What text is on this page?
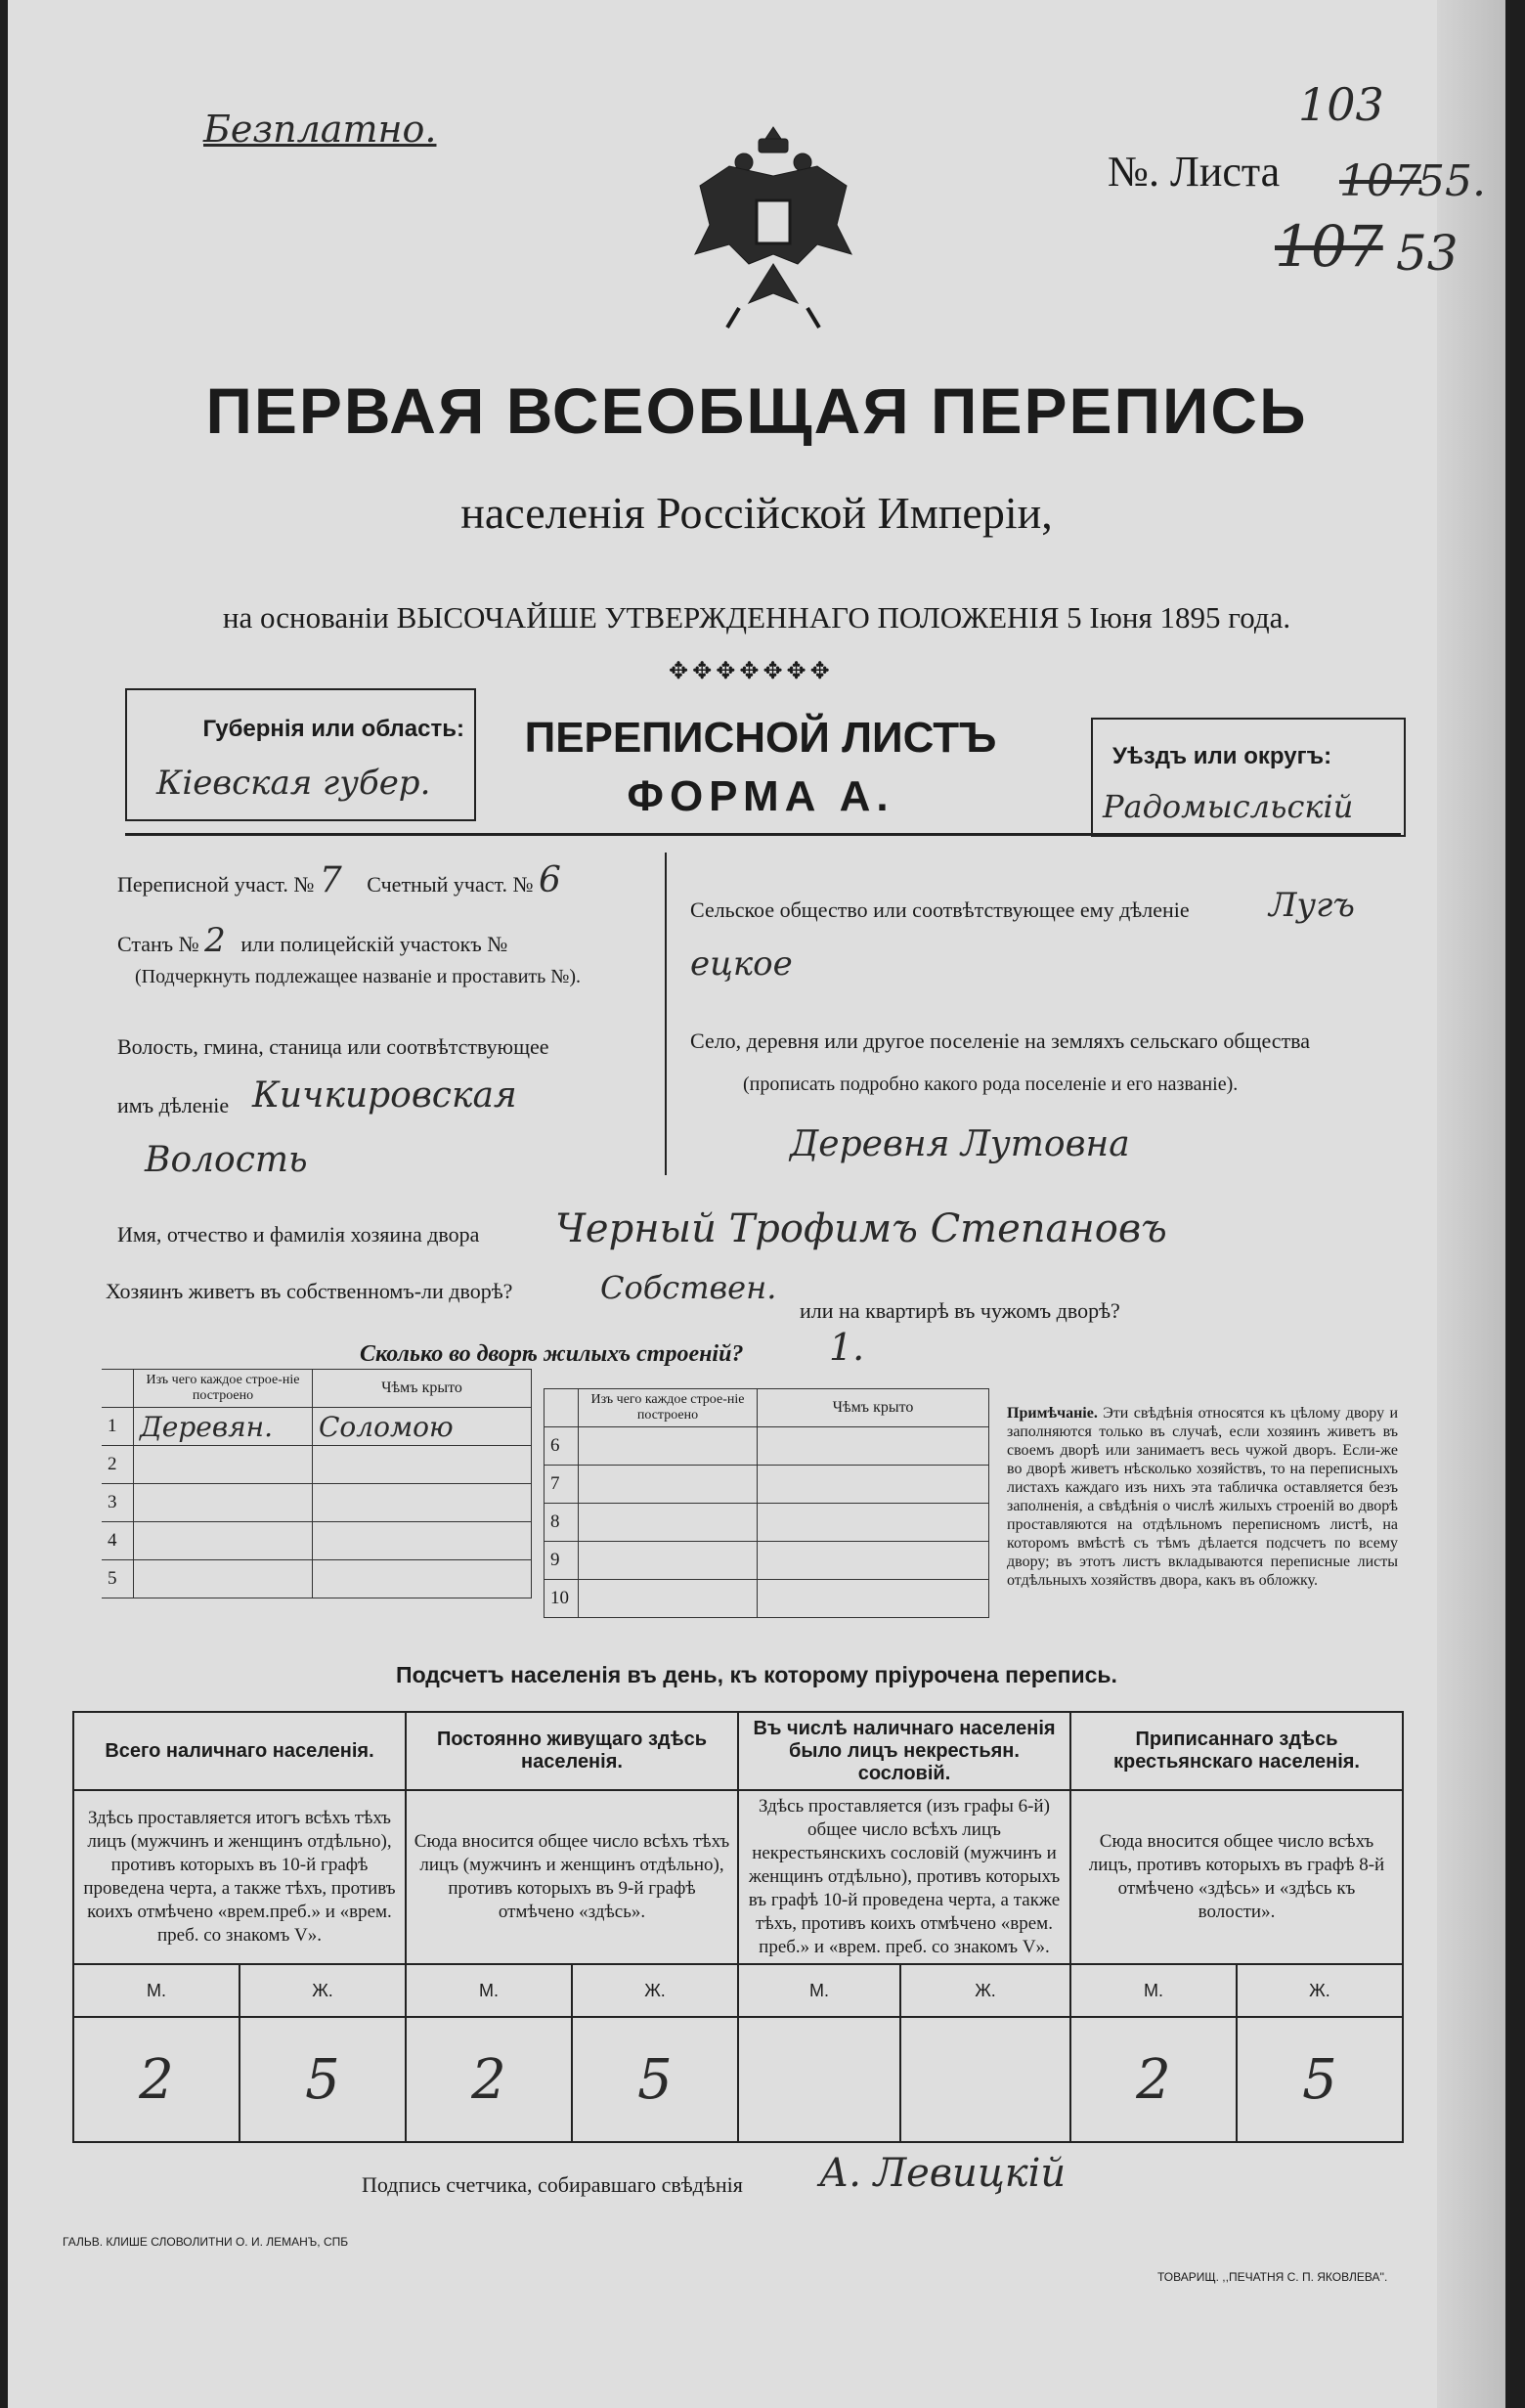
Безплатно.	103
№. Листа 107
55.
107 53
ПЕРВАЯ ВСЕОБЩАЯ ПЕРЕПИСЬ
населенія Россійской Имперіи,
на основаніи ВЫСОЧАЙШЕ УТВЕРЖДЕННАГО ПОЛОЖЕНІЯ 5 Іюня 1895 года.
✥✥✥✥✥✥✥
Губернія или область:
Кіевская губер.
ПЕРЕПИСНОЙ ЛИСТЪ
ФОРМА А.
Уѣздъ или округъ:
Радомысльскій
Переписной участ. № 7 Счетный участ. № 6
Станъ № 2 или полицейскій участокъ №
(Подчеркнуть подлежащее названіе и проставить №).
Волость, гмина, станица или соотвѣтствующее
имъ дѣленіе Кичкировская
Волость
Сельское общество или соотвѣтствующее ему дѣленіе Лугъ
ецкое
Село, деревня или другое поселеніе на земляхъ сельскаго общества
(прописать подробно какого рода поселеніе и его названіе).
Деревня Лутовна
Имя, отчество и фамилія хозяина двора Черный Трофимъ Степановъ
Хозяинъ живетъ въ собственномъ-ли дворѣ?	Собствен.
или на квартирѣ въ чужомъ дворѣ?
Сколько во дворѣ жилыхъ строеній? 1.
	Изъ чего каждое строе-ніе построено	Чѣмъ крыто
1	Деревян.	Соломою
2		
3		
4		
5		
	Изъ чего каждое строе-ніе построено	Чѣмъ крыто
6		
7		
8		
9		
10		
Примѣчаніе. Эти свѣдѣнія относятся къ цѣлому двору и заполняются только въ случаѣ, если хозяинъ живетъ въ своемъ дворѣ или занимаетъ весь чужой дворъ. Если-же во дворѣ живетъ нѣсколько хозяйствъ, то на переписныхъ листахъ каждаго изъ нихъ эта табличка оставляется безъ заполненія, а свѣдѣнія о числѣ жилыхъ строеній во дворѣ проставляются на отдѣльномъ переписномъ листѣ, на которомъ вмѣстѣ съ тѣмъ дѣлается подсчетъ по всему двору; въ этотъ листъ вкладываются переписные листы отдѣльныхъ хозяйствъ двора, какъ въ обложку.
Подсчетъ населенія въ день, къ которому пріурочена перепись.
Всего наличнаго населенія.		Постоянно живущаго здѣсь населенія.		Въ числѣ наличнаго населенія было лицъ некрестьян. сословій.		Приписаннаго здѣсь крестьянскаго населенія.	
Здѣсь проставляется итогъ всѣхъ тѣхъ лицъ (мужчинъ и женщинъ отдѣльно), противъ которыхъ въ 10-й графѣ проведена черта, а также тѣхъ, противъ коихъ отмѣчено «врем.преб.» и «врем. преб. со знакомъ V».		Сюда вносится общее число всѣхъ тѣхъ лицъ (мужчинъ и женщинъ отдѣльно), противъ которыхъ въ 9-й графѣ отмѣчено «здѣсь».		Здѣсь проставляется (изъ графы 6-й) общее число всѣхъ лицъ некрестьянскихъ сословій (мужчинъ и женщинъ отдѣльно), противъ которыхъ въ графѣ 10-й проведена черта, а также тѣхъ, противъ коихъ отмѣчено «врем. преб.» и «врем. преб. со знакомъ V».		Сюда вносится общее число всѣхъ лицъ, противъ которыхъ въ графѣ 8-й отмѣчено «здѣсь» и «здѣсь къ волости».	
М.	Ж.	М.	Ж.	М.	Ж.	М.	Ж.
2	5	2	5			2	5
Подпись счетчика, собиравшаго свѣдѣнія А. Левицкій
ГАЛЬВ. КЛИШЕ СЛОВОЛИТНИ О. И. ЛЕМАНЪ, СПБ
ТОВАРИЩ. ,,ПЕЧАТНЯ С. П. ЯКОВЛЕВА''.
